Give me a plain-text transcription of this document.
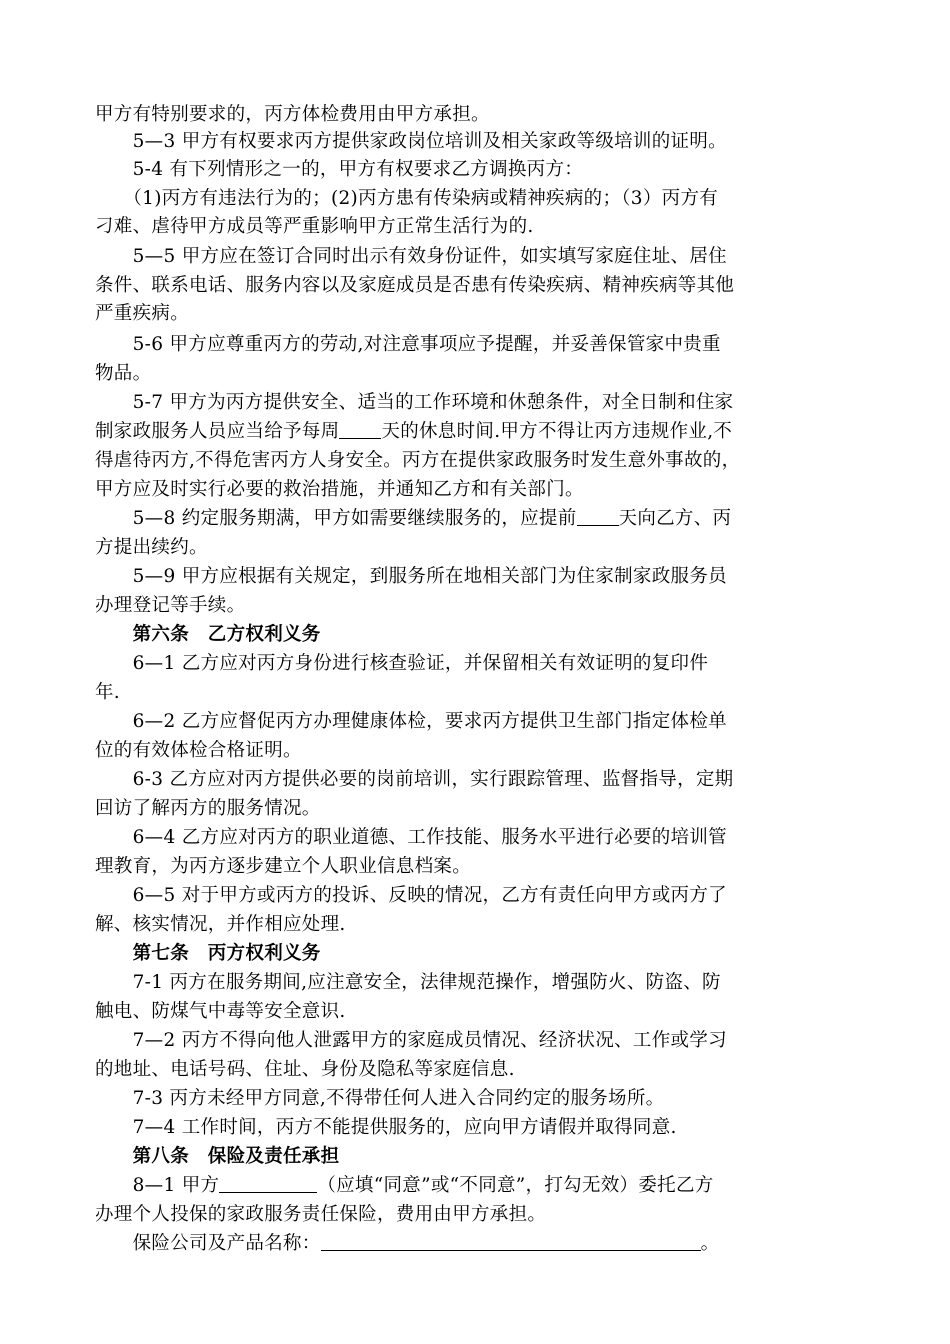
甲方有特别要求的，丙方体检费用由甲方承担。
　　5—3 甲方有权要求丙方提供家政岗位培训及相关家政等级培训的证明。
　　5-4 有下列情形之一的，甲方有权要求乙方调换丙方：
　　（1)丙方有违法行为的；(2)丙方患有传染病或精神疾病的；（3）丙方有
刁难、虐待甲方成员等严重影响甲方正常生活行为的.
　　5—5 甲方应在签订合同时出示有效身份证件，如实填写家庭住址、居住
条件、联系电话、服务内容以及家庭成员是否患有传染疾病、精神疾病等其他
严重疾病。
　　5-6 甲方应尊重丙方的劳动,对注意事项应予提醒，并妥善保管家中贵重
物品。
　　5-7 甲方为丙方提供安全、适当的工作环境和休憩条件，对全日制和住家
制家政服务人员应当给予每周 天的休息时间.甲方不得让丙方违规作业,不
得虐待丙方,不得危害丙方人身安全。丙方在提供家政服务时发生意外事故的，
甲方应及时实行必要的救治措施，并通知乙方和有关部门。
　　5—8 约定服务期满，甲方如需要继续服务的，应提前 天向乙方、丙
方提出续约。
　　5—9 甲方应根据有关规定，到服务所在地相关部门为住家制家政服务员
办理登记等手续。
　　第六条　乙方权利义务
　　6—1 乙方应对丙方身份进行核查验证，并保留相关有效证明的复印件
年.
　　6—2 乙方应督促丙方办理健康体检，要求丙方提供卫生部门指定体检单
位的有效体检合格证明。
　　6-3 乙方应对丙方提供必要的岗前培训，实行跟踪管理、监督指导，定期
回访了解丙方的服务情况。
　　6—4 乙方应对丙方的职业道德、工作技能、服务水平进行必要的培训管
理教育，为丙方逐步建立个人职业信息档案。
　　6—5 对于甲方或丙方的投诉、反映的情况，乙方有责任向甲方或丙方了
解、核实情况，并作相应处理.
　　第七条　丙方权利义务
　　7-1 丙方在服务期间,应注意安全，法律规范操作，增强防火、防盗、防
触电、防煤气中毒等安全意识.
　　7—2 丙方不得向他人泄露甲方的家庭成员情况、经济状况、工作或学习
的地址、电话号码、住址、身份及隐私等家庭信息.
　　7-3 丙方未经甲方同意,不得带任何人进入合同约定的服务场所。
　　7—4 工作时间，丙方不能提供服务的，应向甲方请假并取得同意.
　　第八条　保险及责任承担
　　8—1 甲方	（应填“同意”或“不同意”，打勾无效）委托乙方
办理个人投保的家政服务责任保险，费用由甲方承担。
　　保险公司及产品名称：	。
